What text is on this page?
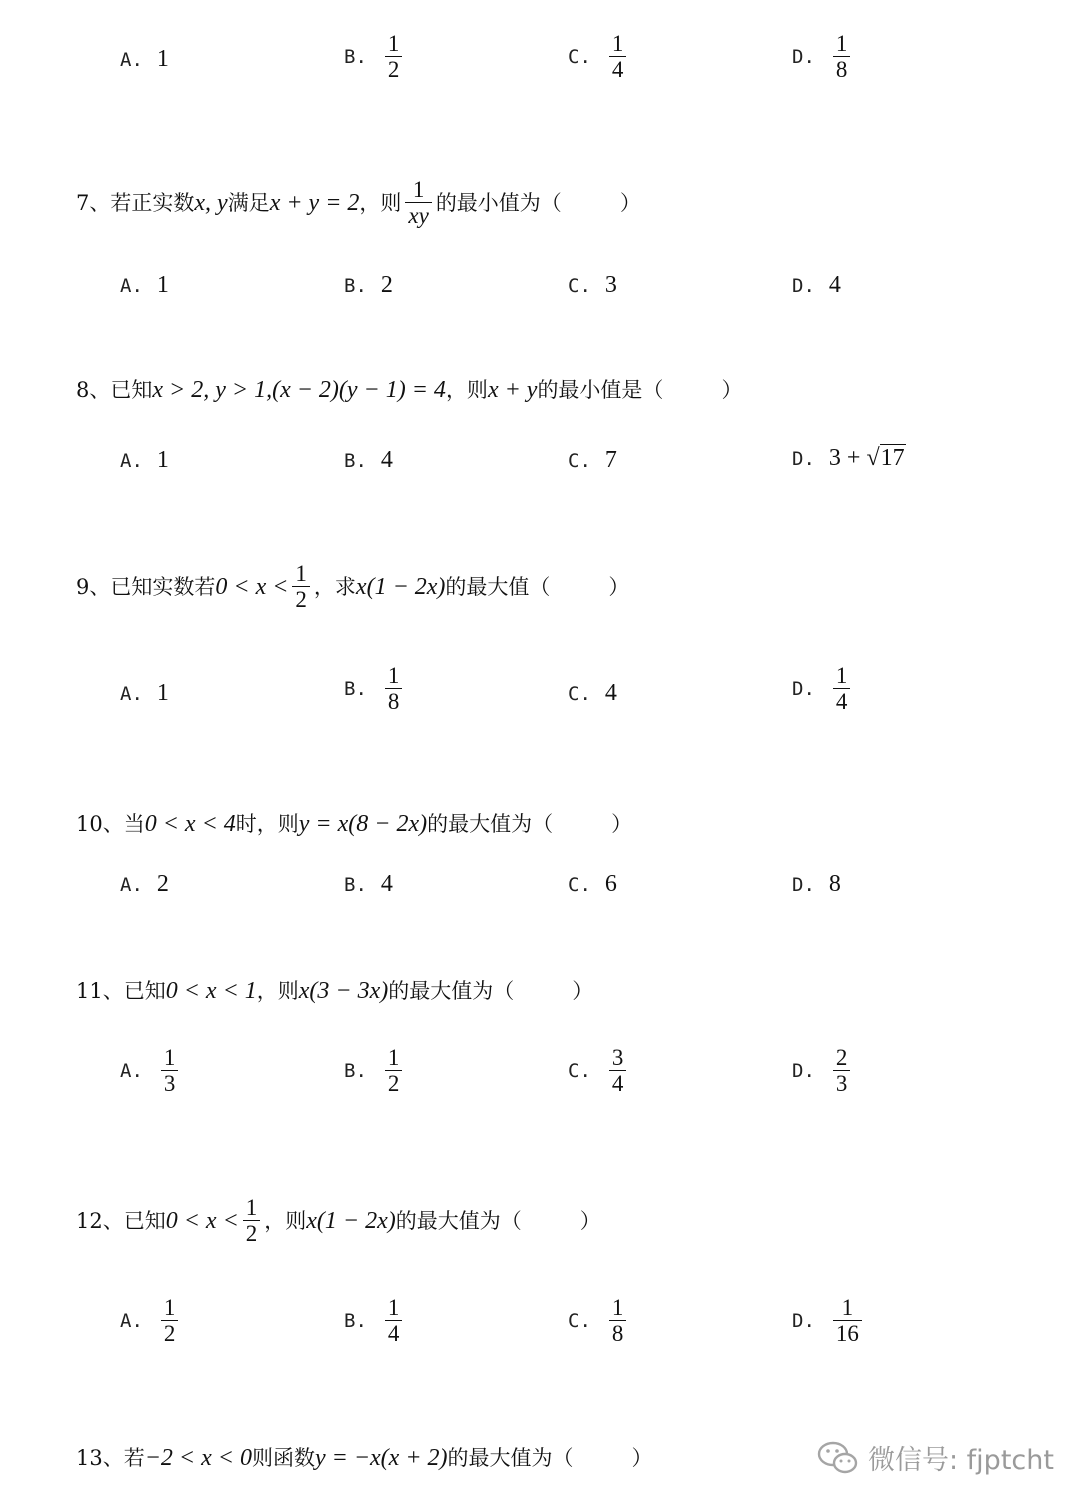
A. 1	B. $\frac{1}{2}$	C. $\frac{1}{4}$	D. $\frac{1}{8}$
7、 若正实数 x, y 满足 x + y = 2 ，则 $\frac{1}{xy}$ 的最小值为（	）
A. 1	B. 2	C. 3	D. 4
8、 已知 x > 2, y > 1,(x − 2)(y − 1) = 4 ，则 x + y 的最小值是（	）
A. 1	B. 4	C. 7	D. 3 + √17
9、 已知实数若 $0 < x < \frac{1}{2}$ ，求 x(1 − 2x) 的最大值（	）
A. 1	B. $\frac{1}{8}$	C. 4	D. $\frac{1}{4}$
10、 当 0 < x < 4 时，则 y = x(8 − 2x) 的最大值为（	）
A. 2	B. 4	C. 6	D. 8
11、 已知 0 < x < 1 ，则 x(3 − 3x) 的最大值为（	）
A. $\frac{1}{3}$	B. $\frac{1}{2}$	C. $\frac{3}{4}$	D. $\frac{2}{3}$
12、 已知 $0 < x < \frac{1}{2}$ ，则 x(1 − 2x) 的最大值为（	）
A. $\frac{1}{2}$	B. $\frac{1}{4}$	C. $\frac{1}{8}$	D. $\frac{1}{16}$
13、 若 −2 < x < 0 则函数 y = −x(x + 2) 的最大值为（	）	微信号: fjptcht
